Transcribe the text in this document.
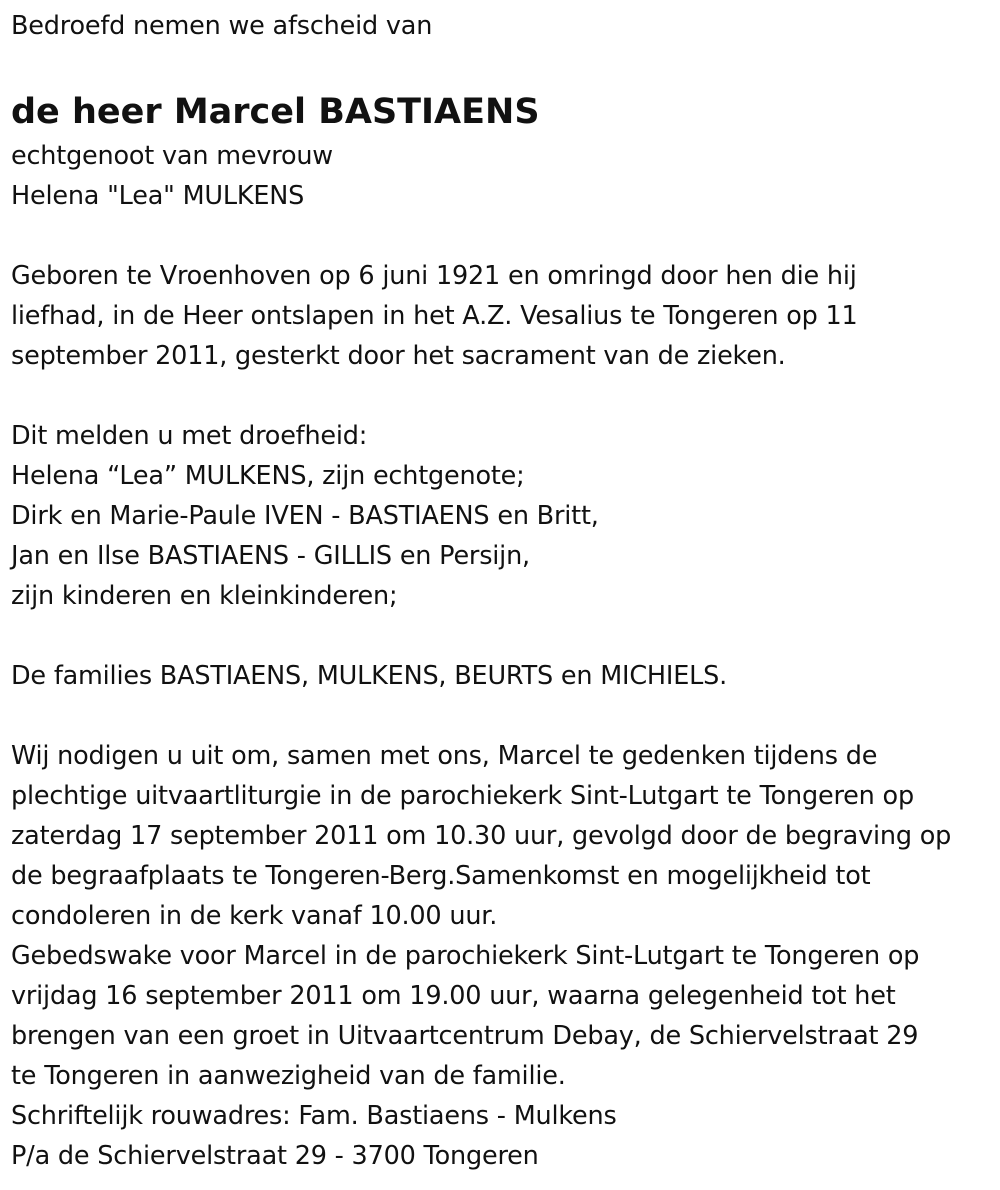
Bedroefd nemen we afscheid van
de heer Marcel BASTIAENS
echtgenoot van mevrouw
Helena "Lea" MULKENS
Geboren te Vroenhoven op 6 juni 1921 en omringd door hen die hij
liefhad, in de Heer ontslapen in het A.Z. Vesalius te Tongeren op 11
september 2011, gesterkt door het sacrament van de zieken.
Dit melden u met droefheid:
Helena “Lea” MULKENS, zijn echtgenote;
Dirk en Marie-Paule IVEN - BASTIAENS en Britt,
Jan en Ilse BASTIAENS - GILLIS en Persijn,
zijn kinderen en kleinkinderen;
De families BASTIAENS, MULKENS, BEURTS en MICHIELS.
Wij nodigen u uit om, samen met ons, Marcel te gedenken tijdens de
plechtige uitvaartliturgie in de parochiekerk Sint-Lutgart te Tongeren op
zaterdag 17 september 2011 om 10.30 uur, gevolgd door de begraving op
de begraafplaats te Tongeren-Berg.Samenkomst en mogelijkheid tot
condoleren in de kerk vanaf 10.00 uur.
Gebedswake voor Marcel in de parochiekerk Sint-Lutgart te Tongeren op
vrijdag 16 september 2011 om 19.00 uur, waarna gelegenheid tot het
brengen van een groet in Uitvaartcentrum Debay, de Schiervelstraat 29
te Tongeren in aanwezigheid van de familie.
Schriftelijk rouwadres: Fam. Bastiaens - Mulkens
P/a de Schiervelstraat 29 - 3700 Tongeren
